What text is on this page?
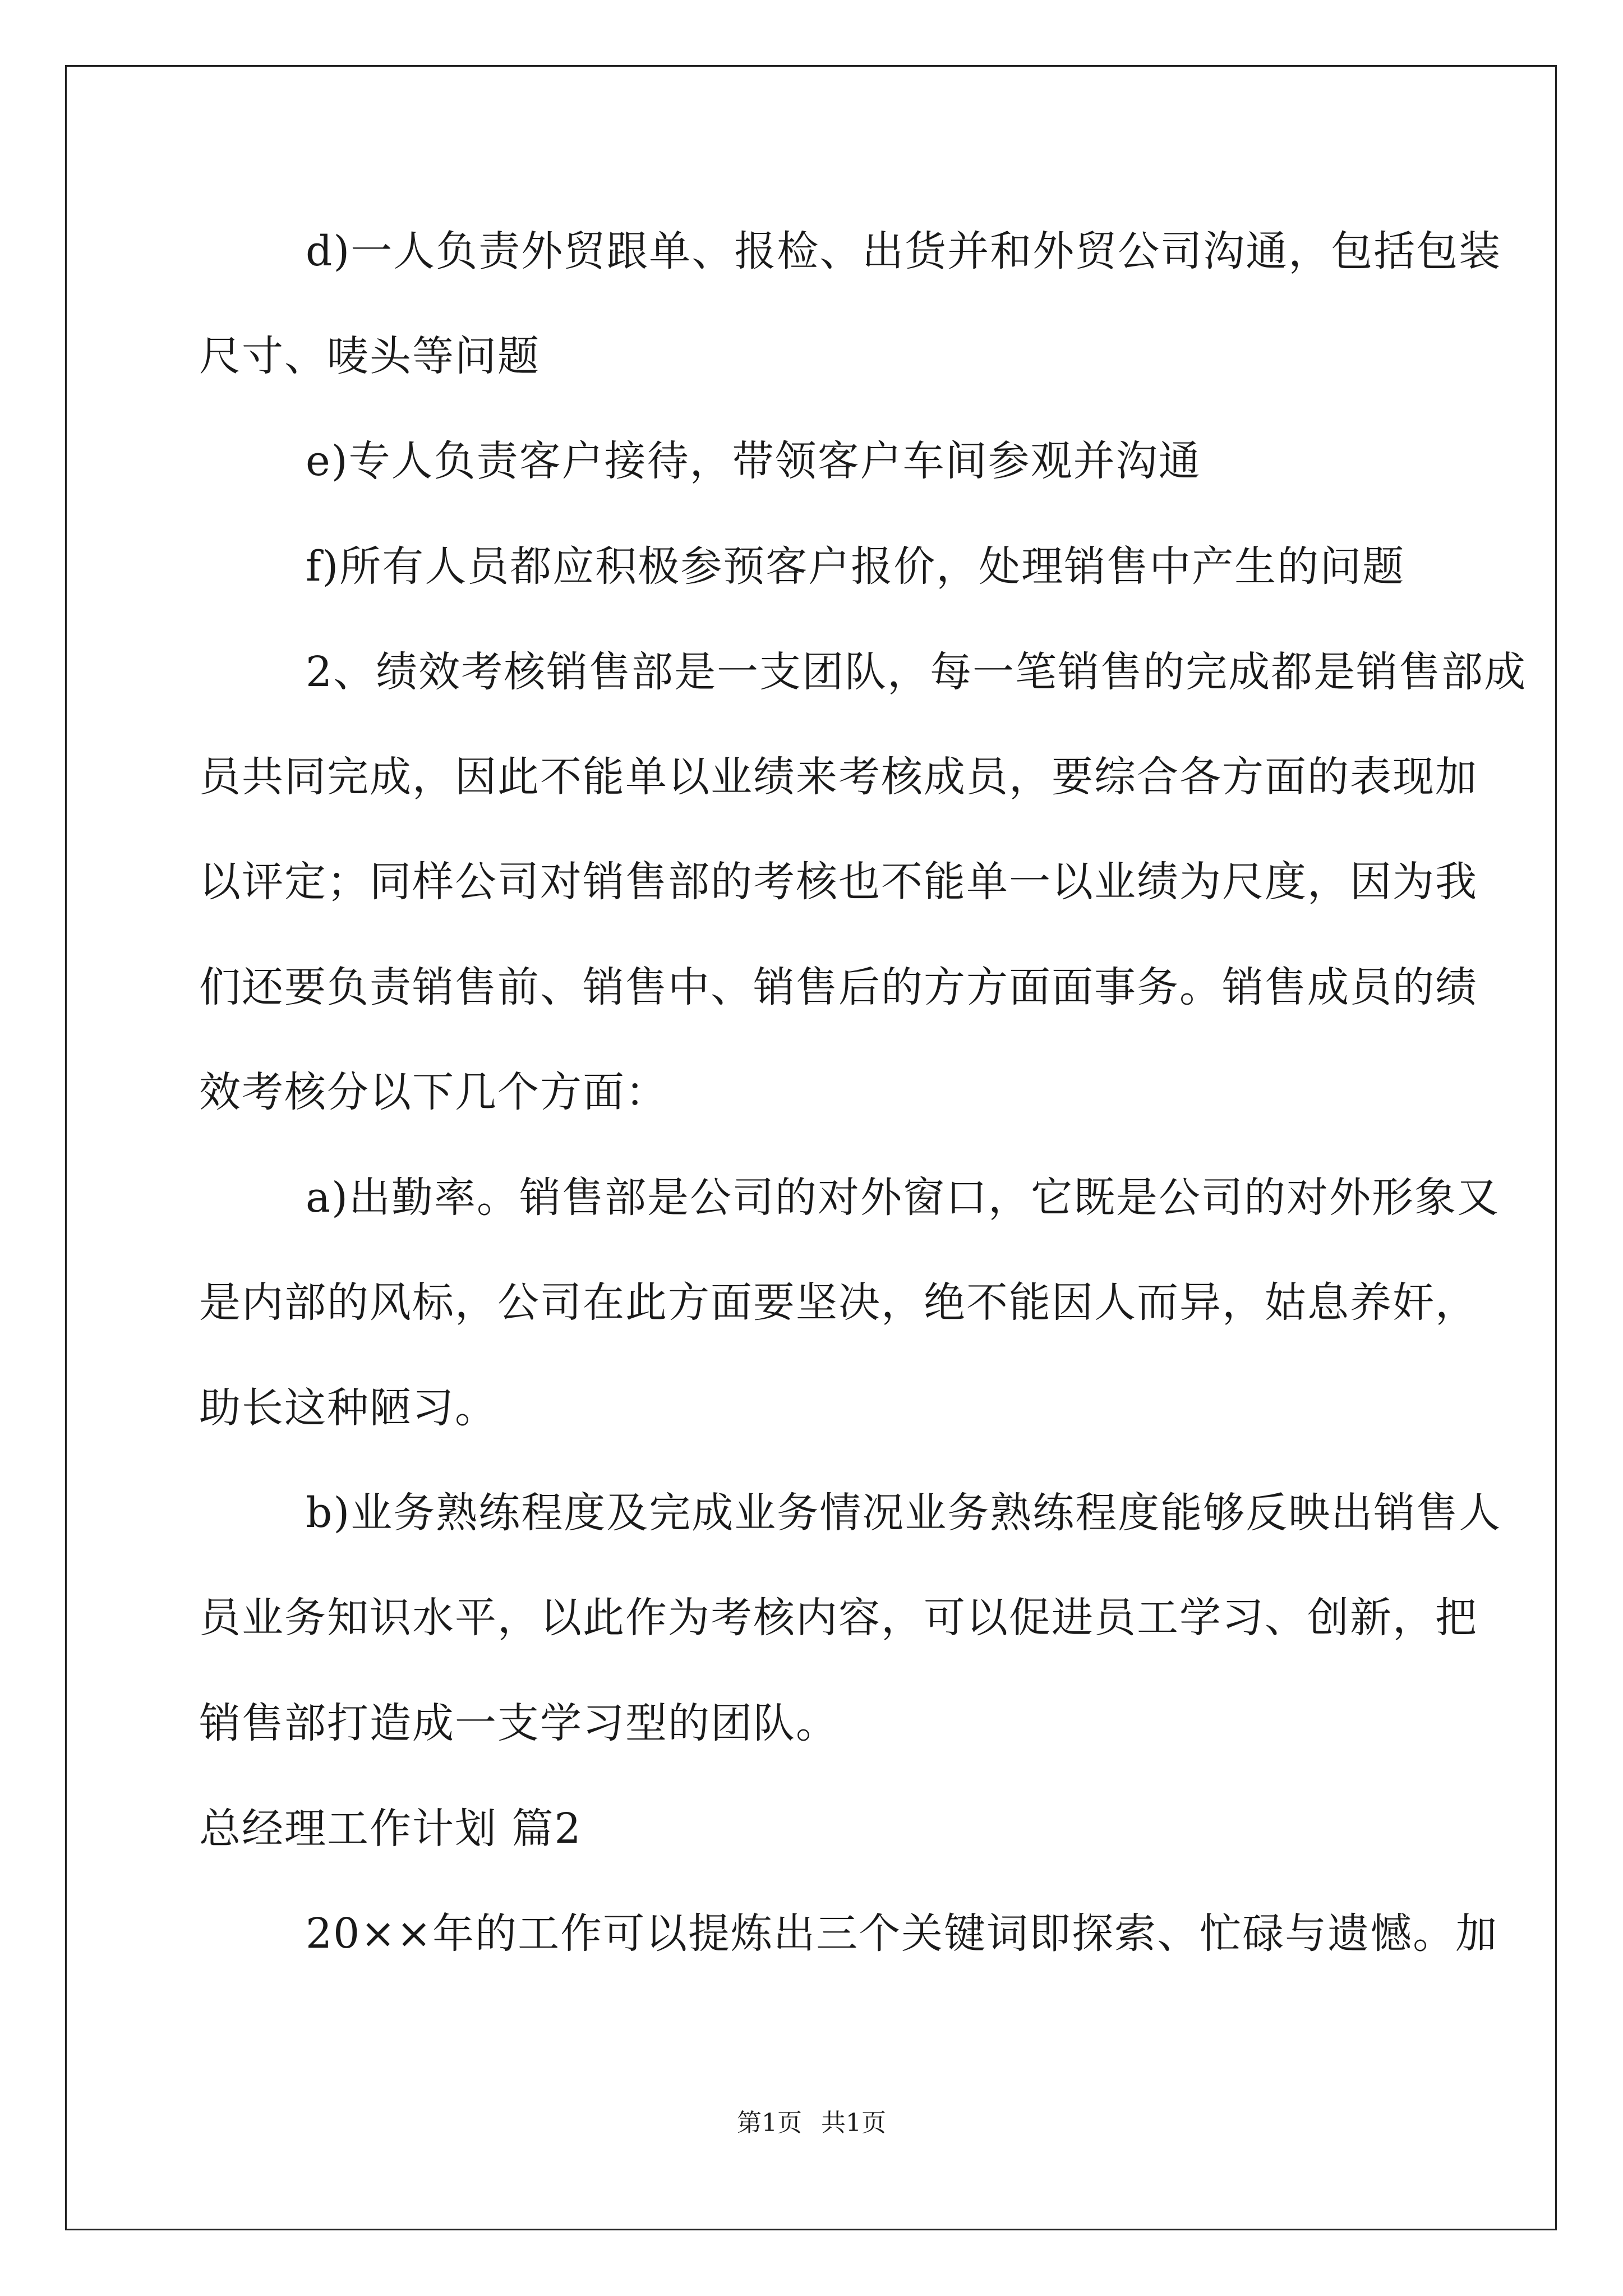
d)一人负责外贸跟单、报检、出货并和外贸公司沟通，包括包装
尺寸、唛头等问题
e)专人负责客户接待，带领客户车间参观并沟通
f)所有人员都应积极参预客户报价，处理销售中产生的问题
2、绩效考核销售部是一支团队，每一笔销售的完成都是销售部成
员共同完成，因此不能单以业绩来考核成员，要综合各方面的表现加
以评定；同样公司对销售部的考核也不能单一以业绩为尺度，因为我
们还要负责销售前、销售中、销售后的方方面面事务。销售成员的绩
效考核分以下几个方面：
a)出勤率。销售部是公司的对外窗口，它既是公司的对外形象又
是内部的风标，公司在此方面要坚决，绝不能因人而异，姑息养奸，
助长这种陋习。
b)业务熟练程度及完成业务情况业务熟练程度能够反映出销售人
员业务知识水平，以此作为考核内容，可以促进员工学习、创新，把
销售部打造成一支学习型的团队。
总经理工作计划 篇2
20××年的工作可以提炼出三个关键词即探索、忙碌与遗憾。加
第1页 共1页
